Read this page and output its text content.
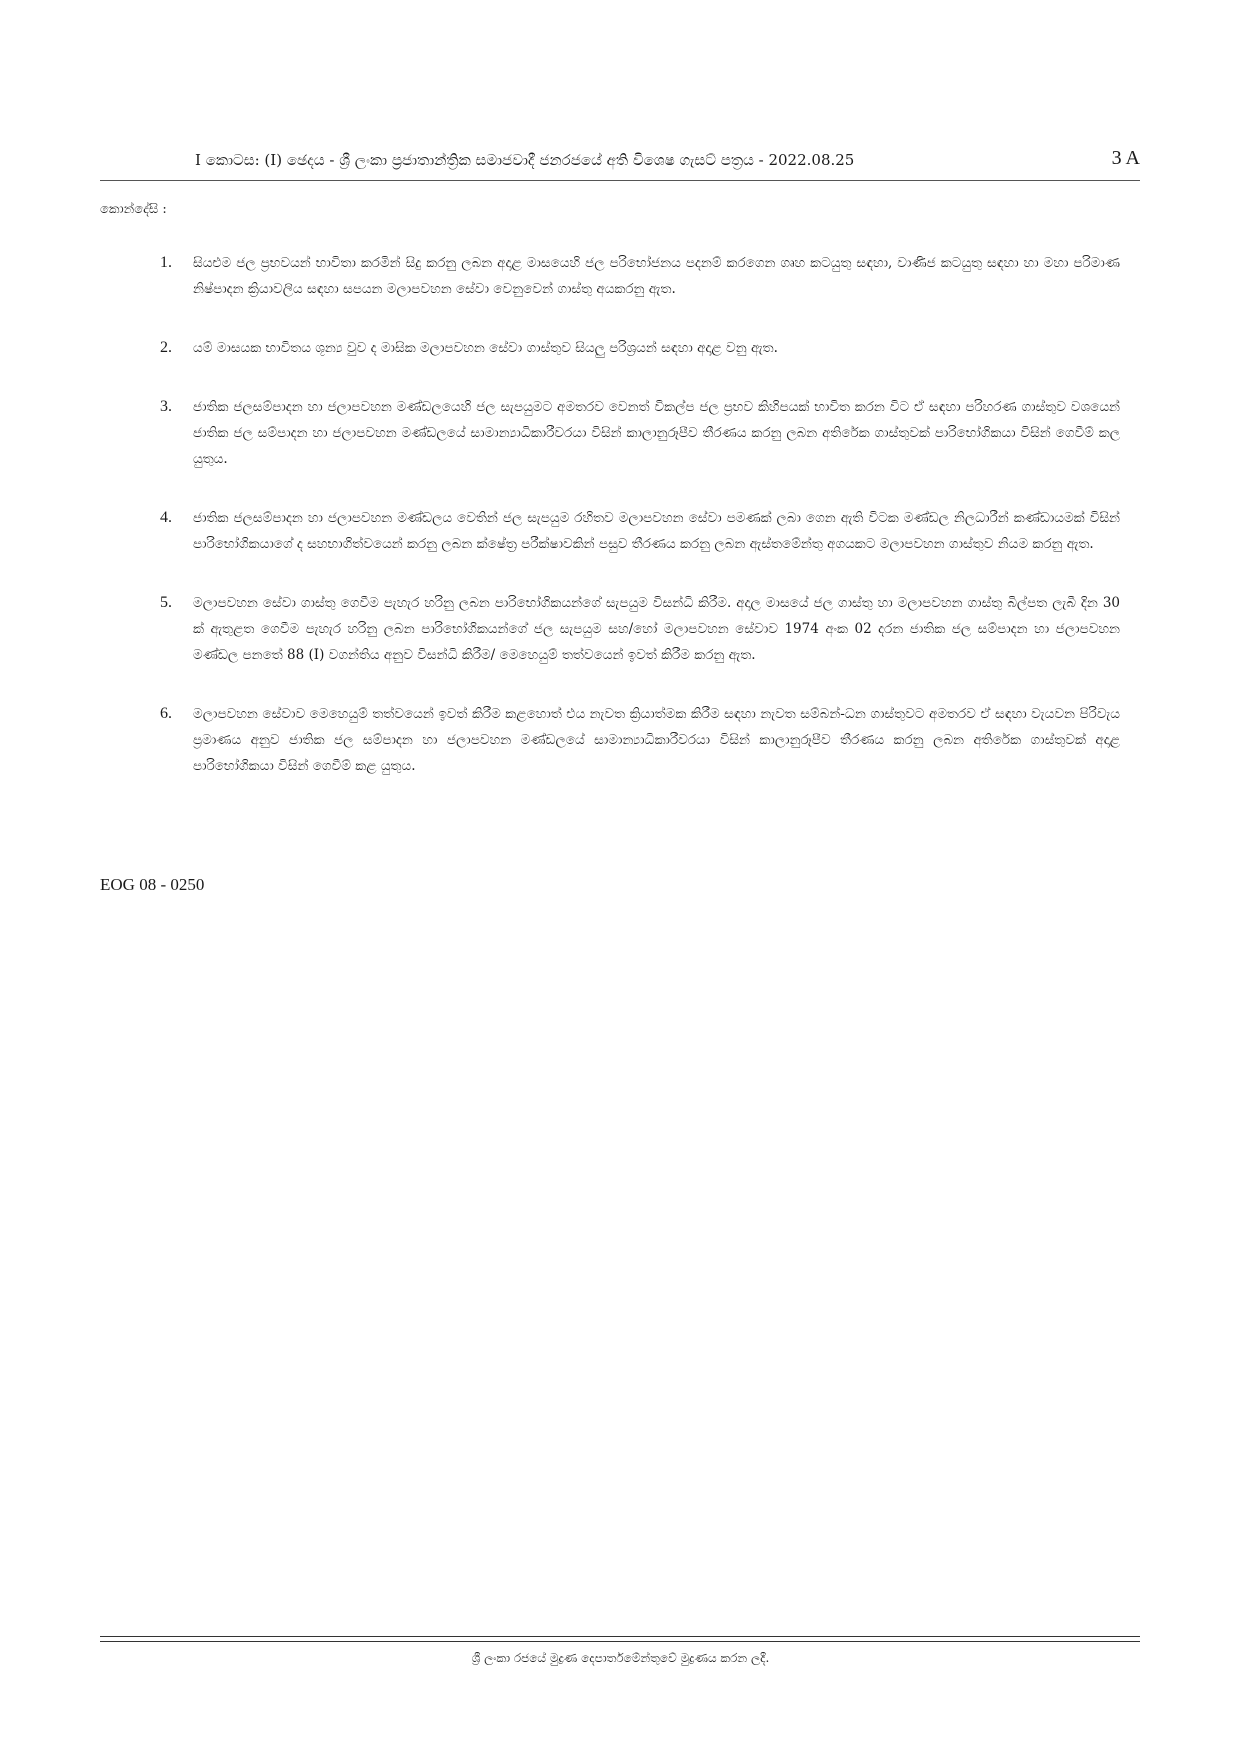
I කොටස: (I) ඡෙදය - ශ්‍රී ලංකා ප්‍රජාතාන්ත්‍රික සමාජවාදී ජනරජයේ අති විශෙෂ ගැසට් පත්‍රය - 2022.08.25	3 A
කොන්දේසි :
1.	සියළුම ජල ප්‍රභවයන් භාවිතා කරමින් සිදු කරනු ලබන අදාළ මාසයෙහි ජල පරිභෝජනය පදනම් කරගෙන ගෘහ කටයුතු සඳහා, වාණිජ කටයුතු සඳහා හා මහා පරිමාණ නිෂ්පාදන ක්‍රියාවලිය සඳහා සපයන මලාපවහන සේවා වෙනුවෙන් ගාස්තු අයකරනු ඇත.
2.	යම් මාසයක භාවිතය ශූන්‍ය වුව ද මාසික මලාපවහන සේවා ගාස්තුව සියලු පරිශ්‍රයන් සඳහා අදාළ වනු ඇත.
3.	ජාතික ජලසම්පාදන හා ජලාපවහන මණ්ඩලයෙහි ජල සැපයුමට අමතරව වෙනත් විකල්ප ජල ප්‍රභව කිහිපයක් භාවිත කරන විට ඒ සඳහා පරිහරණ ගාස්තුව වශයෙන් ජාතික ජල සම්පාදන හා ජලාපවහන මණ්ඩලයේ සාමාන්‍යාධිකාරීවරයා විසින් කාලානුරූපීව තීරණය කරනු ලබන අතිරේක ගාස්තුවක් පාරිභෝගිකයා විසින් ගෙවීම් කල යුතුය.
4.	ජාතික ජලසම්පාදන හා ජලාපවහන මණ්ඩලය වෙතින් ජල සැපයුම රහිතව මලාපවහන සේවා පමණක් ලබා ගෙන ඇති විටක මණ්ඩල නිලධාරීන් කණ්ඩායමක් විසින් පාරිභෝගිකයාගේ ද සහභාගිත්වයෙන් කරනු ලබන ක්ෂේත්‍ර පරීක්ෂාවකින් පසුව තීරණය කරනු ලබන ඇස්තමේන්තු අගයකට මලාපවහන ගාස්තුව නියම කරනු ඇත.
5.	මලාපවහන සේවා ගාස්තු ගෙවීම පැහැර හරිනු ලබන පාරිභෝගිකයන්ගේ සැපයුම විසන්ධි කිරීම. අදාල මාසයේ ජල ගාස්තු හා මලාපවහන ගාස්තු බිල්පත ලැබී දින 30 ක් ඇතුළත ගෙවීම පැහැර හරිනු ලබන පාරිභෝගිකයන්ගේ ජල සැපයුම සහ/හෝ මලාපවහන සේවාව 1974 අංක 02 දරන ජාතික ජල සම්පාදන හා ජලාපවහන මණ්ඩල පනතේ 88 (I) වගන්තිය අනුව විසන්ධි කිරීම/ මෙහෙයුම් තත්වයෙන් ඉවත් කිරීම කරනු ඇත.
6.	මලාපවහන සේවාව මෙහෙයුම් තත්වයෙන් ඉවත් කිරීම කළහොත් එය නැවත ක්‍රියාත්මක කිරීම සඳහා නැවත සම්බන්-ධන ගාස්තුවට අමතරව ඒ සඳහා වැයවන පිරිවැය ප්‍රමාණය අනුව ජාතික ජල සම්පාදන හා ජලාපවහන මණ්ඩලයේ සාමාන්‍යාධිකාරීවරයා විසින් කාලානුරූපීව තීරණය කරනු ලබන අතිරේක ගාස්තුවක් අදාළ පාරිභෝගිකයා විසින් ගෙවීම් කළ යුතුය.
EOG 08 - 0250
ශ්‍රී ලංකා රජයේ මුද්‍රණ දෙපාර්තමේන්තුවේ මුද්‍රණය කරන ලදී.
